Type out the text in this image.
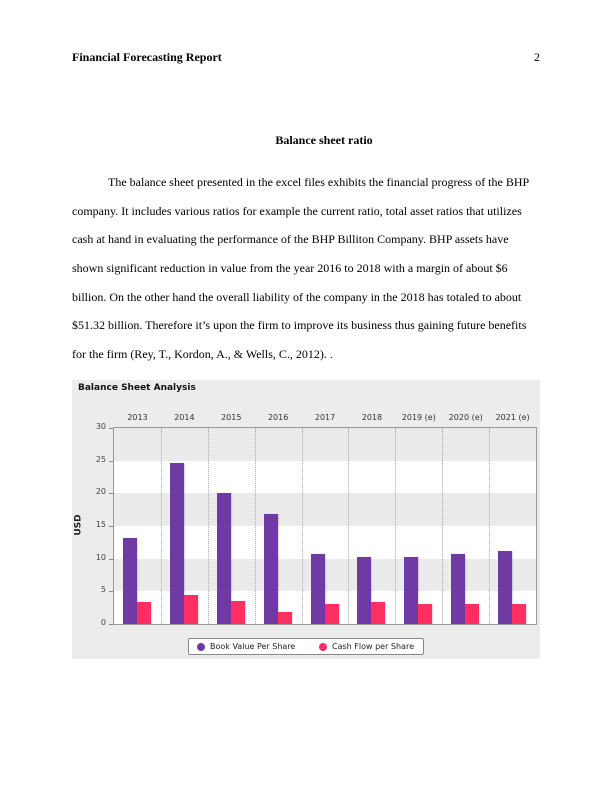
Financial Forecasting Report	2
Balance sheet ratio
The balance sheet presented in the excel files exhibits the financial progress of the BHP
company. It includes various ratios for example the current ratio, total asset ratios that utilizes
cash at hand in evaluating the performance of the BHP Billiton Company. BHP assets have
shown significant reduction in value from the year 2016 to 2018 with a margin of about $6
billion. On the other hand the overall liability of the company in the 2018 has totaled to about
$51.32 billion. Therefore it’s upon the firm to improve its business thus gaining future benefits
for the firm (Rey, T., Kordon, A., & Wells, C., 2012). .
Balance Sheet Analysis
USD
0
5
10
15
20
25
30
2013	2014	2015	2016	2017	2018	2019 (e)	2020 (e)	2021 (e)
Book Value Per Share	Cash Flow per Share
